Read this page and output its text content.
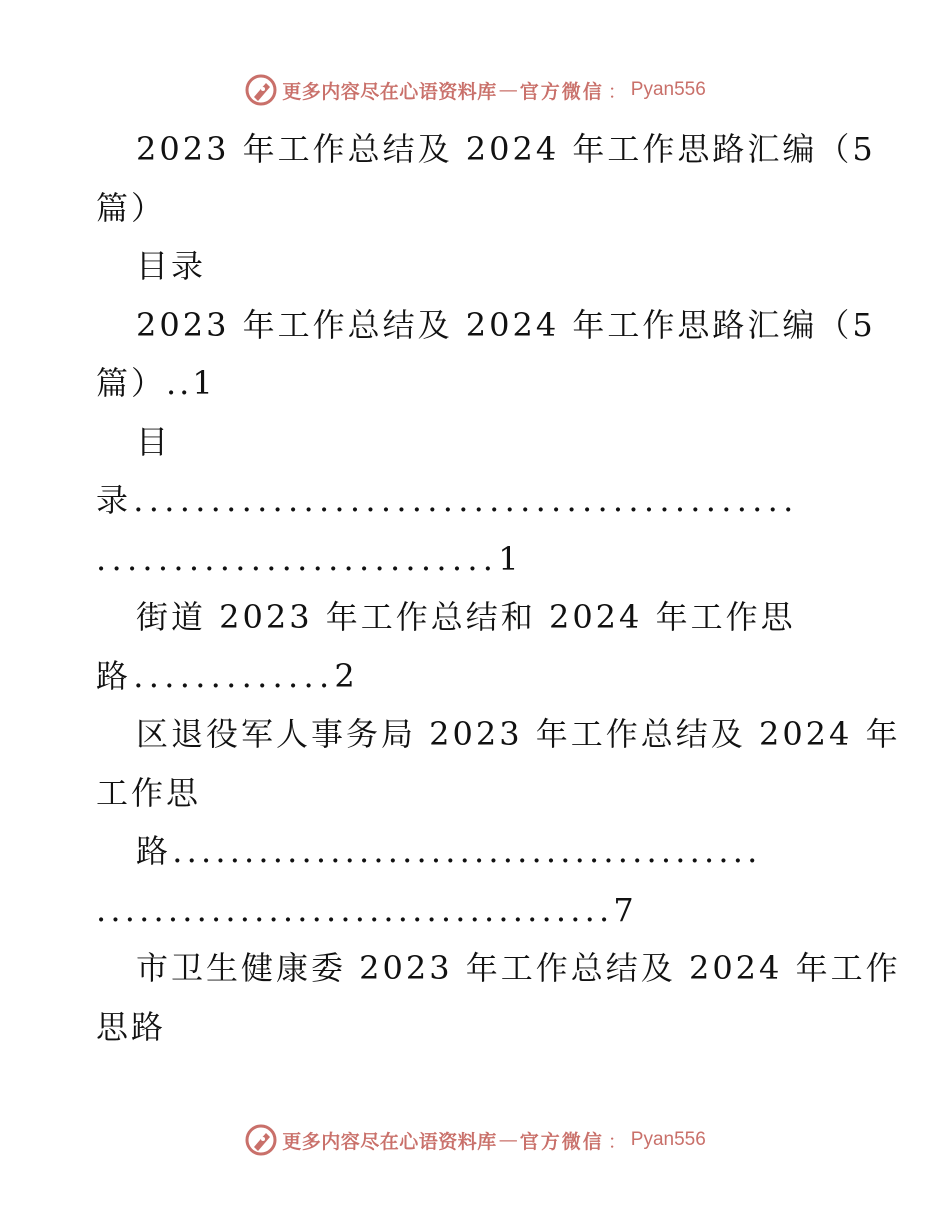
更多内容尽在心语资料库 — 官方微信 ： Pyan556
2023 年工作总结及 2024 年工作思路汇编（5
篇）
目录
2023 年工作总结及 2024 年工作思路汇编（5
篇）..1
目
录...........................................
..........................1
街道 2023 年工作总结和 2024 年工作思
路.............2
区退役军人事务局 2023 年工作总结及 2024 年
工作思
路.........................................
....................................7
市卫生健康委 2023 年工作总结及 2024 年工作
思路
更多内容尽在心语资料库 — 官方微信 ： Pyan556
